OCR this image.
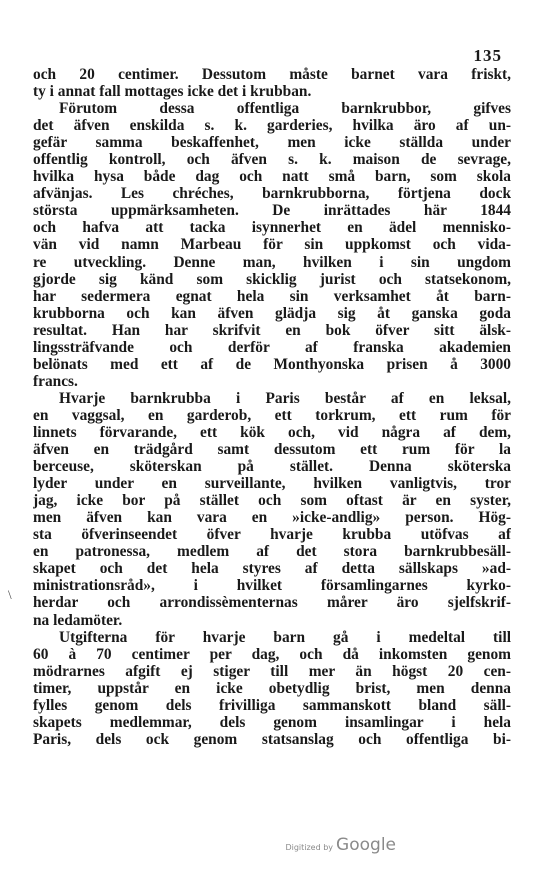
135
\
och 20 centimer. Dessutom måste barnet vara friskt,
ty i annat fall mottages icke det i krubban.
Förutom dessa offentliga barnkrubbor, gifves
det äfven enskilda s. k. garderies, hvilka äro af un-
gefär samma beskaffenhet, men icke ställda under
offentlig kontroll, och äfven s. k. maison de sevrage,
hvilka hysa både dag och natt små barn, som skola
afvänjas. Les chréches, barnkrubborna, förtjena dock
största uppmärksamheten. De inrättades här 1844
och hafva att tacka isynnerhet en ädel mennisko-
vän vid namn Marbeau för sin uppkomst och vida-
re utveckling. Denne man, hvilken i sin ungdom
gjorde sig känd som skicklig jurist och statsekonom,
har sedermera egnat hela sin verksamhet åt barn-
krubborna och kan äfven glädja sig åt ganska goda
resultat. Han har skrifvit en bok öfver sitt älsk-
lingssträfvande och derför af franska akademien
belönats med ett af de Monthyonska prisen å 3000
francs.
Hvarje barnkrubba i Paris består af en leksal,
en vaggsal, en garderob, ett torkrum, ett rum för
linnets förvarande, ett kök och, vid några af dem,
äfven en trädgård samt dessutom ett rum för la
berceuse, sköterskan på stället. Denna sköterska
lyder under en surveillante, hvilken vanligtvis, tror
jag, icke bor på stället och som oftast är en syster,
men äfven kan vara en »icke-andlig» person. Hög-
sta öfverinseendet öfver hvarje krubba utöfvas af
en patronessa, medlem af det stora barnkrubbesäll-
skapet och det hela styres af detta sällskaps »ad-
ministrationsråd», i hvilket församlingarnes kyrko-
herdar och arrondissèmenternas mårer äro sjelfskrif-
na ledamöter.
Utgifterna för hvarje barn gå i medeltal till
60 à 70 centimer per dag, och då inkomsten genom
mödrarnes afgift ej stiger till mer än högst 20 cen-
timer, uppstår en icke obetydlig brist, men denna
fylles genom dels frivilliga sammanskott bland säll-
skapets medlemmar, dels genom insamlingar i hela
Paris, dels ock genom statsanslag och offentliga bi-
Digitized by Google
